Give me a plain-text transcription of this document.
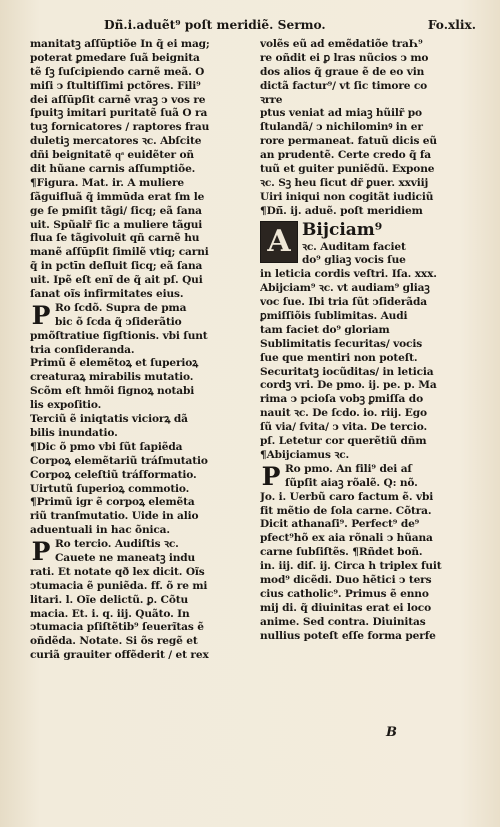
Dñ̄.i.aduẽt⁹ poſt meridiẽ. Sermo.	Fo.xlix.
manitatꝫ aſſūptiõe In q̃ ei mag;
poterat ꝑmedare ſuã beignita
tẽ ſꝫ ſuſcipiendo carnẽ meã. O
miſi ↄ ſtultiſſimi pctõres. Fili⁹
dei aſſūpſit carnẽ vraꝫ ↄ vos re
ſpuitꝫ imitari puritatẽ ſuã O ra
tuꝫ fornicatores / raptores frau
duletiꝫ mercatores ꝛc. Abſcite
dñi beignitatẽ qͣ euidẽter oñ
dit hũane carnis aſſumptiõe.
¶Figura. Mat. ir. A muliere
ſãguifluã q̃ immūda erat ſm le
ge ſe pmiſit tãgi/ ſicq; eã ſana
uit. Spũalr̃ ſic a muliere tãgui
flua ſe tãgivoluit qñ carnẽ hu
manẽ aſſūpſit ſimilẽ vtiq; carni
q̃ in pctīn deſluit ſicq; eã ſana
uit. Ipẽ eſt enĩ de q̃ ait pſ. Qui
ſanat oĩs infirmitates eius.
P Ro ſcdõ. Supra de pma
bic õ ſcda q̃ ↄſiderãtio
pmõſtratiue ſigſtionis. vbi ſunt
tria conſideranda.
Primũ ẽ elemẽtoꝝ et ſuperioꝝ
creaturaꝝ mirabilis mutatio.
Scõm eſt hmõi ſignoꝝ notabi
lis expoſitio.
Terciũ ẽ iniqtatis viciorꝝ dã
bilis inundatio.
¶Dic õ pmo vbi ſũt ſapiẽda
Corpoꝝ elemẽtariũ tráſmutatio
Corpoꝝ celeſtiũ tráſformatio.
Uirtutũ ſuperioꝝ commotio.
¶Primũ igr ẽ corpoꝝ elemẽta
riũ tranſmutatio. Uide in alio
aduentuali in hac õnica.
P Ro tercio. Audiſtis ꝛc.
Cauete ne maneatꝫ indu
rati. Et notate qð lex dicit. Oĩs
ↄtumacia ẽ puniẽda. ff. õ re mi
litari. l. Oĩe delictũ. ꝑ. Cõtu
macia. Et. i. q. iij. Quãto. In
ↄtumacia pſiſtẽtib⁹ ſeuerĩtas ẽ
oñdẽda. Notate. Si õs regẽ et
curiã grauiter offẽderit / et rex
volẽs eũ ad emẽdatiõe traҺ⁹
re oñdit ei ꝑ lras nũcios ↄ mo
dos alios q̃ graue ẽ de eo vin
dictã factur⁹/ vt ſic timore co
ꝛrre
ptus veniat ad miaꝫ hũilr̃ po
ſtulandã/ ↄ nichilominꝰ in er
rore permaneat. fatuũ dicis eũ
an prudentẽ. Certe credo q̃ fa
tuũ et guiter puniẽdũ. Expone
ꝛc. Sꝫ heu ſicut dr̃ ꝑuer. xxviij
Uiri iniqui non cogitãt iudiciũ
¶Dñ̄. ij. aduẽ. poſt meridiem
A Bijciam⁹
ꝛc. Auditam faciet
do⁹ gliaꝫ vocis ſue
in leticia cordis veſtri. Iſa. xxx.
Abijciam⁹ ꝛc. vt audiam⁹ gliaꝫ
voc ſue. Ibi tria ſũt ↄſiderãda
ꝑmiſſiõis ſublimitas. Audi
tam faciet do⁹ gloriam
Sublimitatis ſecuritas/ vocis
ſue que mentiri non poteſt.
Securitatꝫ iocũditas/ in leticia
cordꝫ vri. De pmo. ij. pe. p. Ma
rima ↄ pcioſa vobꝫ ꝑmiſſa do
nauit ꝛc. De ſcdo. io. riij. Ego
ſũ via/ ſvita/ ↄ vita. De tercio.
pſ. Letetur cor querẽtiũ dñm
¶Abijciamus ꝛc.
P Ro pmo. An fili⁹ dei aſ
ſũpſit aiaꝫ rõalẽ. Q: nõ.
Jo. i. Uerbũ caro factum ẽ. vbi
fit mẽtio de ſola carne. Cõtra.
Dicit athanaſi⁹. Perfect⁹ de⁹
pfect⁹hõ ex aia rõnali ↄ hũana
carne ſubſiſtẽs. ¶Rñdet boñ.
in. iij. diſ. ij. Circa h triplex fuit
mod⁹ dicẽdi. Duo hẽtici ↄ ters
cius catholic⁹. Primus ẽ enno
mij di. q̃ diuinitas erat ei loco
anime. Sed contra. Diuinitas
nullius poteſt eſſe forma perfe
B
